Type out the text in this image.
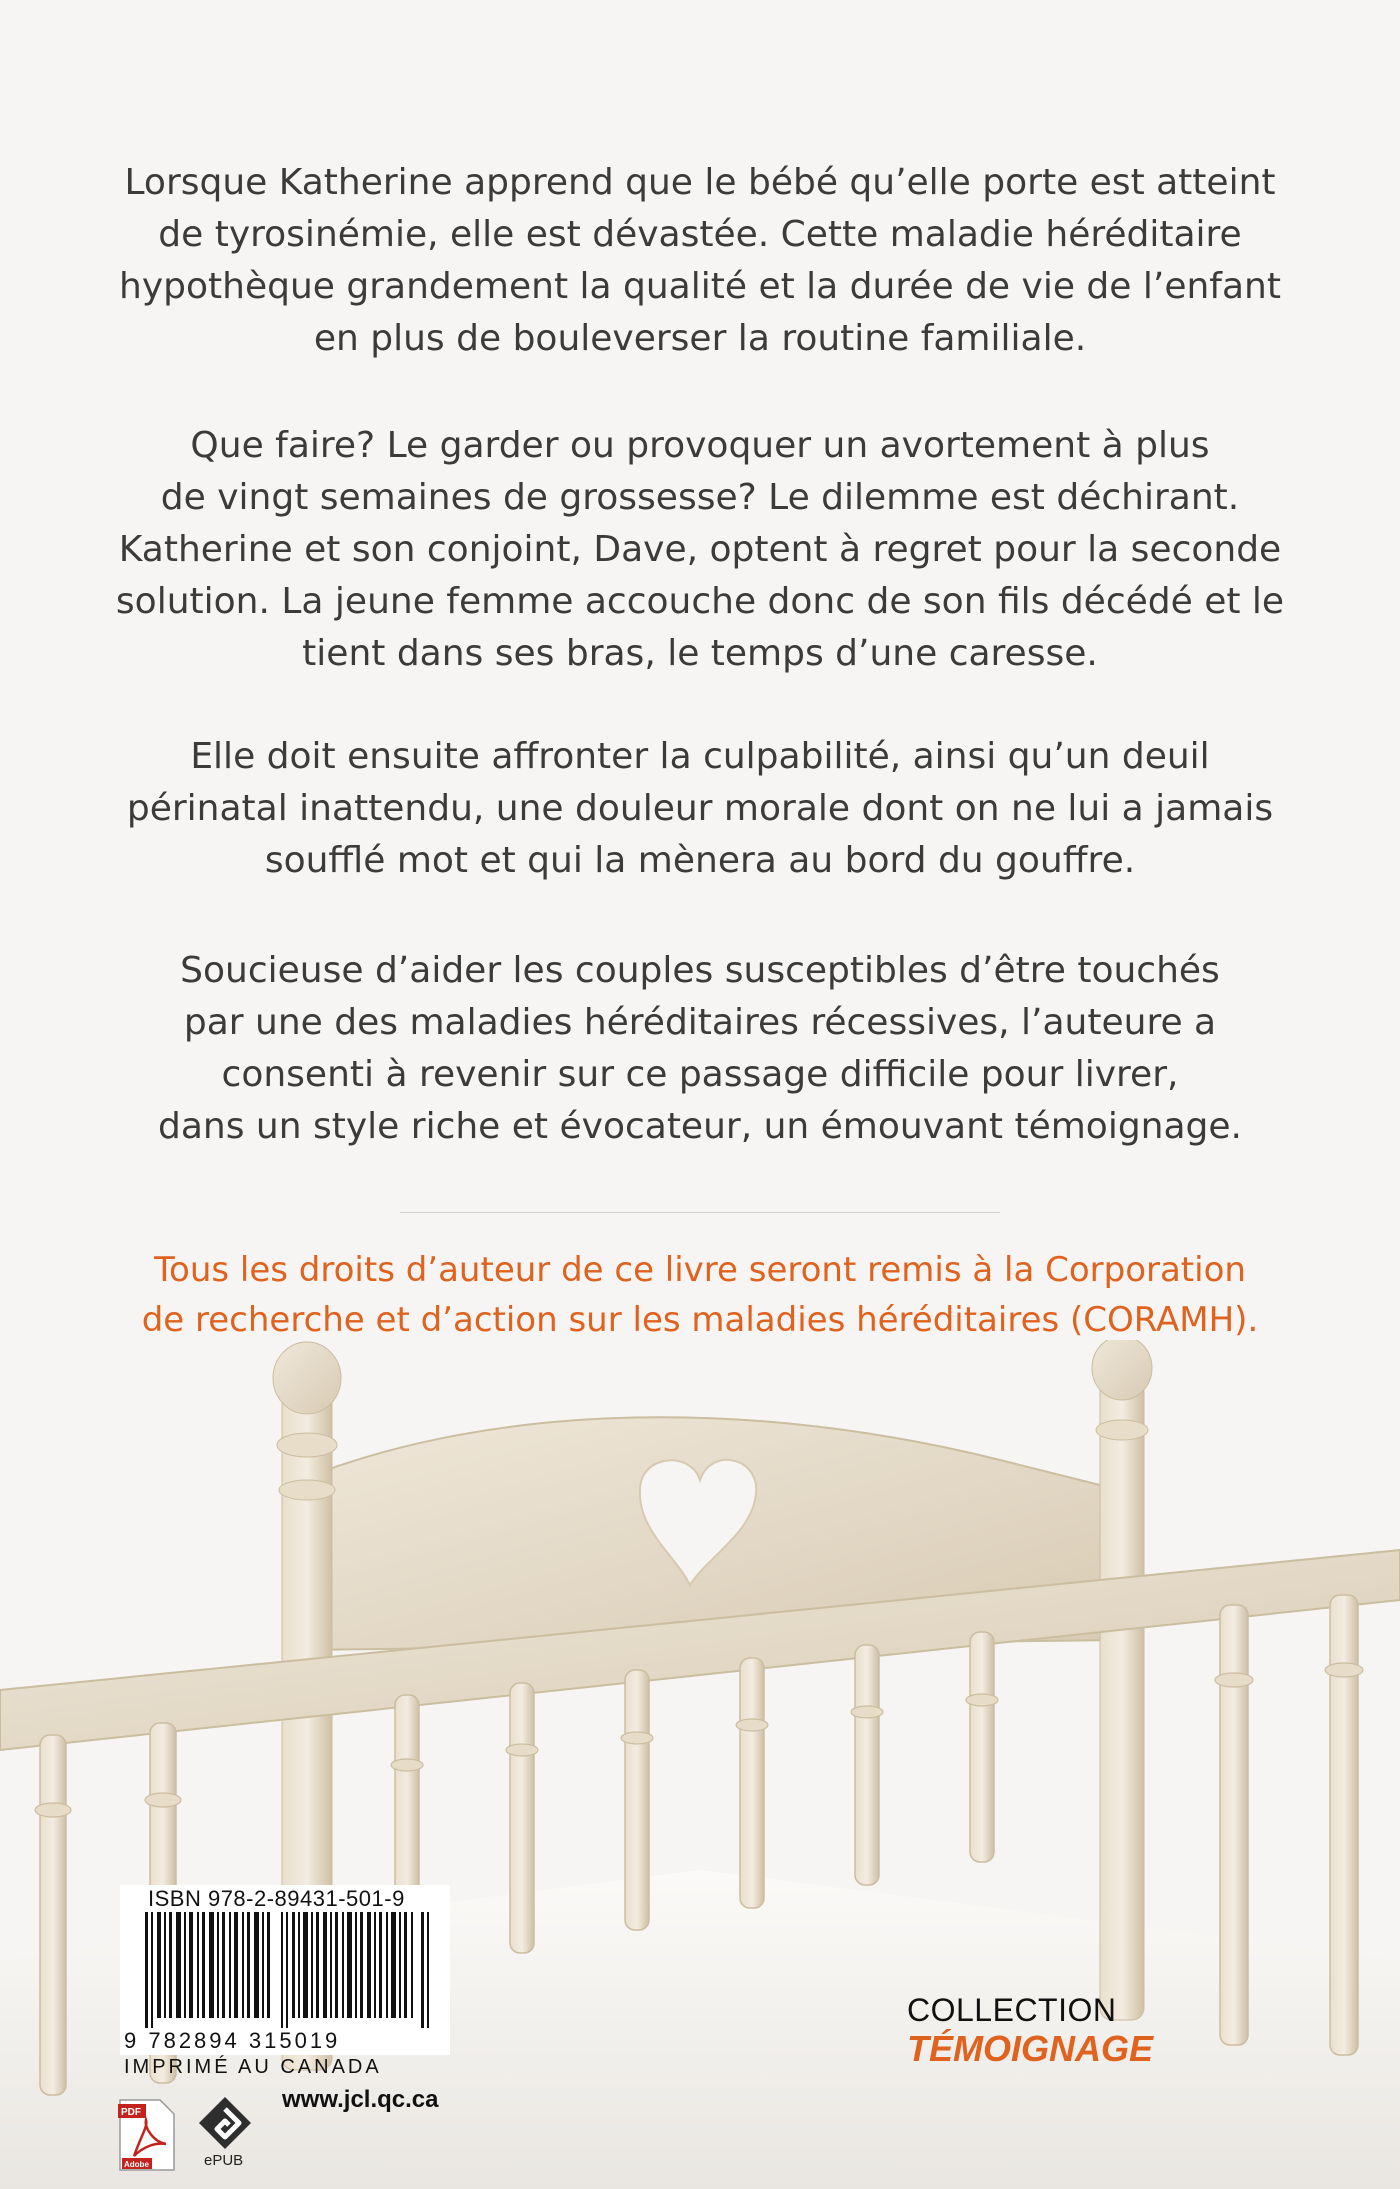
Lorsque Katherine apprend que le bébé qu’elle porte est atteint
de tyrosinémie, elle est dévastée. Cette maladie héréditaire
hypothèque grandement la qualité et la durée de vie de l’enfant
en plus de bouleverser la routine familiale.
Que faire? Le garder ou provoquer un avortement à plus
de vingt semaines de grossesse? Le dilemme est déchirant.
Katherine et son conjoint, Dave, optent à regret pour la seconde
solution. La jeune femme accouche donc de son fils décédé et le
tient dans ses bras, le temps d’une caresse.
Elle doit ensuite affronter la culpabilité, ainsi qu’un deuil
périnatal inattendu, une douleur morale dont on ne lui a jamais
soufflé mot et qui la mènera au bord du gouffre.
Soucieuse d’aider les couples susceptibles d’être touchés
par une des maladies héréditaires récessives, l’auteure a
consenti à revenir sur ce passage difficile pour livrer,
dans un style riche et évocateur, un émouvant témoignage.
Tous les droits d’auteur de ce livre seront remis à la Corporation
de recherche et d’action sur les maladies héréditaires (CORAMH).
ISBN 978-2-89431-501-9
9 782894 315019
IMPRIMÉ AU CANADA
PDF
Adobe	ePUB
www.jcl.qc.ca
COLLECTION
TÉMOIGNAGE
